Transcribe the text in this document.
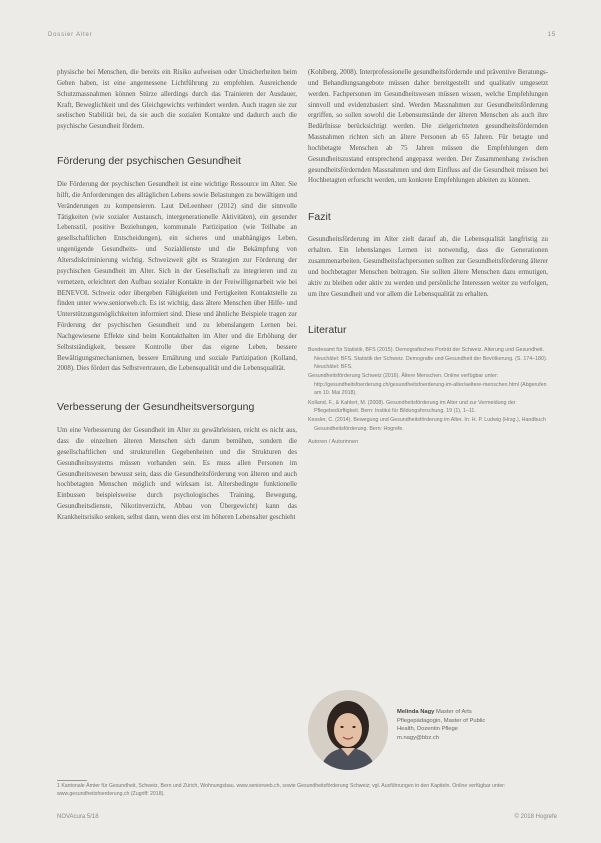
Dossier Alter	15

physische bei Menschen, die bereits ein Risiko aufweisen oder Unsicherheiten beim Gehen haben, ist eine angemessene Lichtführung zu empfehlen. Ausreichende Schutzmassnahmen können Stürze allerdings durch das Trainieren der Ausdauer, Kraft, Beweglichkeit und des Gleichgewichts verhindert werden. Auch tragen sie zur seelischen Stabilität bei, da sie auch die sozialen Kontakte und dadurch auch die psychische Gesundheit fördern.

Förderung der psychischen Gesundheit

Die Förderung der psychischen Gesundheit ist eine wichtige Ressource im Alter. Sie hilft, die Anforderungen des alltäglichen Lebens sowie Belastungen zu bewältigen und Veränderungen zu kompensieren. Laut DeLeenheer (2012) sind die sinnvolle Tätigkeiten (wie sozialer Austausch, intergenerationelle Aktivitäten), ein gesunder Lebensstil, positive Beziehungen, kommunale Partizipation (wie Teilhabe an gesellschaftlichen Entscheidungen), ein sicheres und unabhängiges Leben, ungenügende Gesundheits- und Sozialdienste und die Bekämpfung von Altersdiskriminierung wichtig. Schweizweit gibt es Strategien zur Förderung der psychischen Gesundheit im Alter. Sich in der Gesellschaft zu integrieren und zu vernetzen, erleichtert den Aufbau sozialer Kontakte in der Freiwilligenarbeit wie bei BENEVOL Schweiz oder übergeben Fähigkeiten und Fertigkeiten Kontaktstelle zu finden unter www.seniorweb.ch. Es ist wichtig, dass ältere Menschen über Hilfe- und Unterstützungsmöglichkeiten informiert sind. Diese und ähnliche Beispiele tragen zur Förderung der psychischen Gesundheit und zu lebenslangem Lernen bei. Nachgewiesene Effekte sind beim Kontakthalten im Alter und die Erhöhung der Selbstständigkeit, bessere Kontrolle über das eigene Leben, bessere Bewältigungsmechanismen, bessere Ernährung und soziale Partizipation (Kolland, 2008). Dies fördert das Selbstvertrauen, die Lebensqualität und die Lebensqualität.

Verbesserung der Gesundheitsversorgung

Um eine Verbesserung der Gesundheit im Alter zu gewährleisten, reicht es nicht aus, dass die einzelnen älteren Menschen sich darum bemühen, sondern die gesellschaftlichen und strukturellen Gegebenheiten und die Strukturen des Gesundheitssystems müssen vorhanden sein. Es muss allen Personen im Gesundheitswesen bewusst sein, dass die Gesundheitsförderung von älteren und auch hochbetagten Menschen möglich und wirksam ist. Altersbedingte funktionelle Einbussen beispielsweise durch psychologisches Training, Bewegung, Gesundheitsdienste, Nikotinverzicht, Abbau von Übergewicht) kann das Krankheitsrisiko senken, selbst dann, wenn dies erst im höheren Lebensalter geschieht

(Kohlberg, 2008). Interprofessionelle gesundheitsfördernde und präventive Beratungs- und Behandlungsangebote müssen daher bereitgestellt und qualitativ umgesetzt werden. Fachpersonen im Gesundheitswesen müssen wissen, welche Empfehlungen sinnvoll und evidenzbasiert sind. Werden Massnahmen zur Gesundheitsförderung ergriffen, so sollen sowohl die Lebensumstände der älteren Menschen als auch ihre Bedürfnisse berücksichtigt werden. Die zielgerichteten gesundheitsfördernden Massnahmen richten sich an ältere Personen ab 65 Jahren. Für betagte und hochbetagte Menschen ab 75 Jahren müssen die Empfehlungen dem Gesundheitszustand entsprechend angepasst werden. Der Zusammenhang zwischen gesundheitsfördernden Massnahmen und dem Einfluss auf die Gesundheit müssen bei Hochbetagten erforscht werden, um konkrete Empfehlungen ableiten zu können.

Fazit

Gesundheitsförderung im Alter zielt darauf ab, die Lebensqualität langfristig zu erhalten. Ein lebenslanges Lernen ist notwendig, dass die Generationen zusammenarbeiten. Gesundheitsfachpersonen sollten zur Gesundheitsförderung älterer und hochbetagter Menschen beitragen. Sie sollten ältere Menschen dazu ermutigen, aktiv zu bleiben oder aktiv zu werden und persönliche Interessen weiter zu verfolgen, um ihre Gesundheit und vor allem die Lebensqualität zu erhalten.

Literatur
Bundesamt für Statistik, BFS (2015). Demografisches Porträt der Schweiz. Alterung und Gesundheit. Neuchâtel: BFS. Statistik der Schweiz. Demografie und Gesundheit der Bevölkerung. (S. 174–180). Neuchâtel: BFS.
Gesundheitsförderung Schweiz (2016). Ältere Menschen. Online verfügbar unter: http://gesundheitsfoerderung.ch/gesundheitsfoerderung-im-alter/aeltere-menschen.html (Abgerufen am 10. Mai 2018).
Kolland, F., & Kahlert, M. (2008). Gesundheitsförderung im Alter und zur Vermeidung der Pflegebedürftigkeit. Bern: Institut für Bildungsforschung, 19 (1), 1–11.
Kessler, C. (2014). Bewegung und Gesundheitsförderung im Alter. In: H. P. Ludwig (Hrsg.), Handbuch Gesundheitsförderung. Bern: Hogrefe.
Autoren / Autorinnen
Melinda Nagy Master of Arts
Pflegepädagogin, Master of Public
Health, Dozentin Pflege
m.nagy@bbz.ch
1 Kantonale Ämter für Gesundheit, Schweiz, Bern und Zürich, Wohnungsbau. www.seniorweb.ch, sowie Gesundheitsförderung Schweiz; vgl. Ausführungen in den Kapiteln. Online verfügbar unter: www.gesundheitsfoerderung.ch (Zugriff: 2018).
NOVAcura 5/18	© 2018 Hogrefe
